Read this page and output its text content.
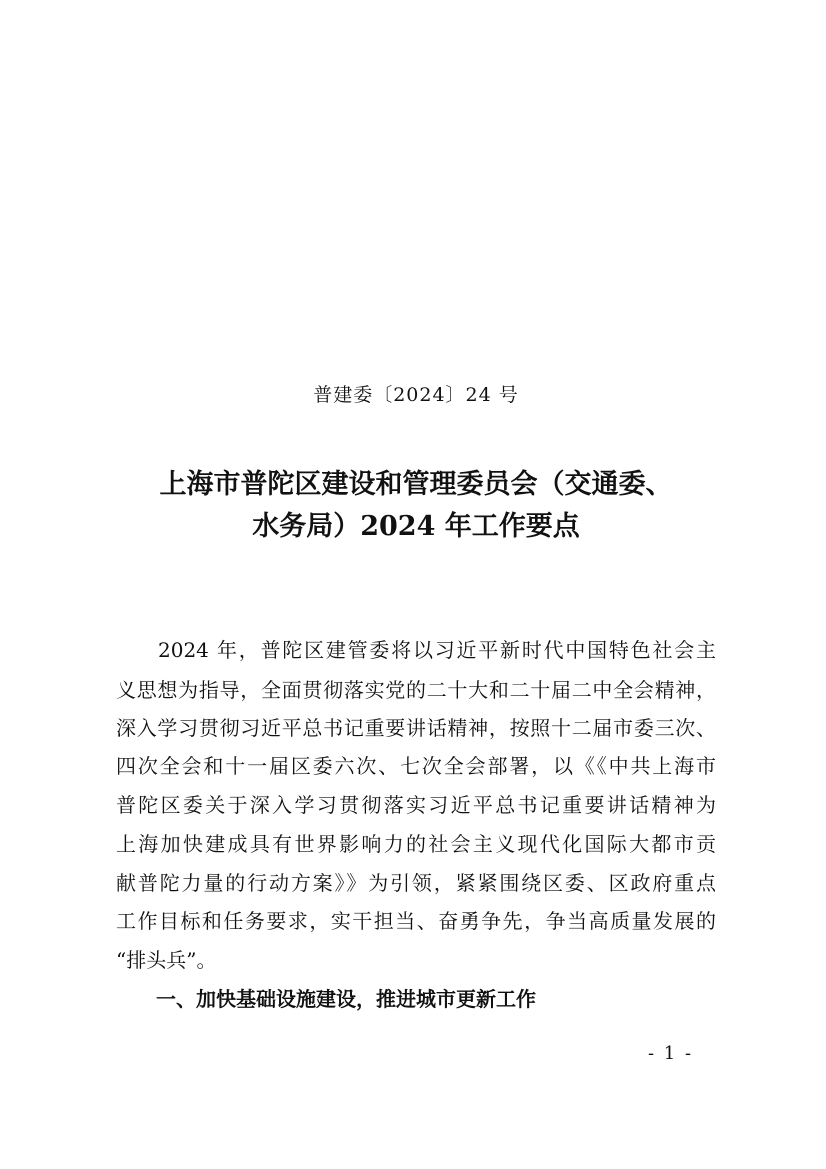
普建委〔2024〕24 号
上海市普陀区建设和管理委员会（交通委、
水务局）2024 年工作要点
2024 年，普陀区建管委将以习近平新时代中国特色社会主
义思想为指导，全面贯彻落实党的二十大和二十届二中全会精神，
深入学习贯彻习近平总书记重要讲话精神，按照十二届市委三次、
四次全会和十一届区委六次、七次全会部署，以《《中共上海市
普陀区委关于深入学习贯彻落实习近平总书记重要讲话精神为
上海加快建成具有世界影响力的社会主义现代化国际大都市贡
献普陀力量的行动方案》》为引领，紧紧围绕区委、区政府重点
工作目标和任务要求，实干担当、奋勇争先，争当高质量发展的
“排头兵”。
一、加快基础设施建设，推进城市更新工作
- 1 -
